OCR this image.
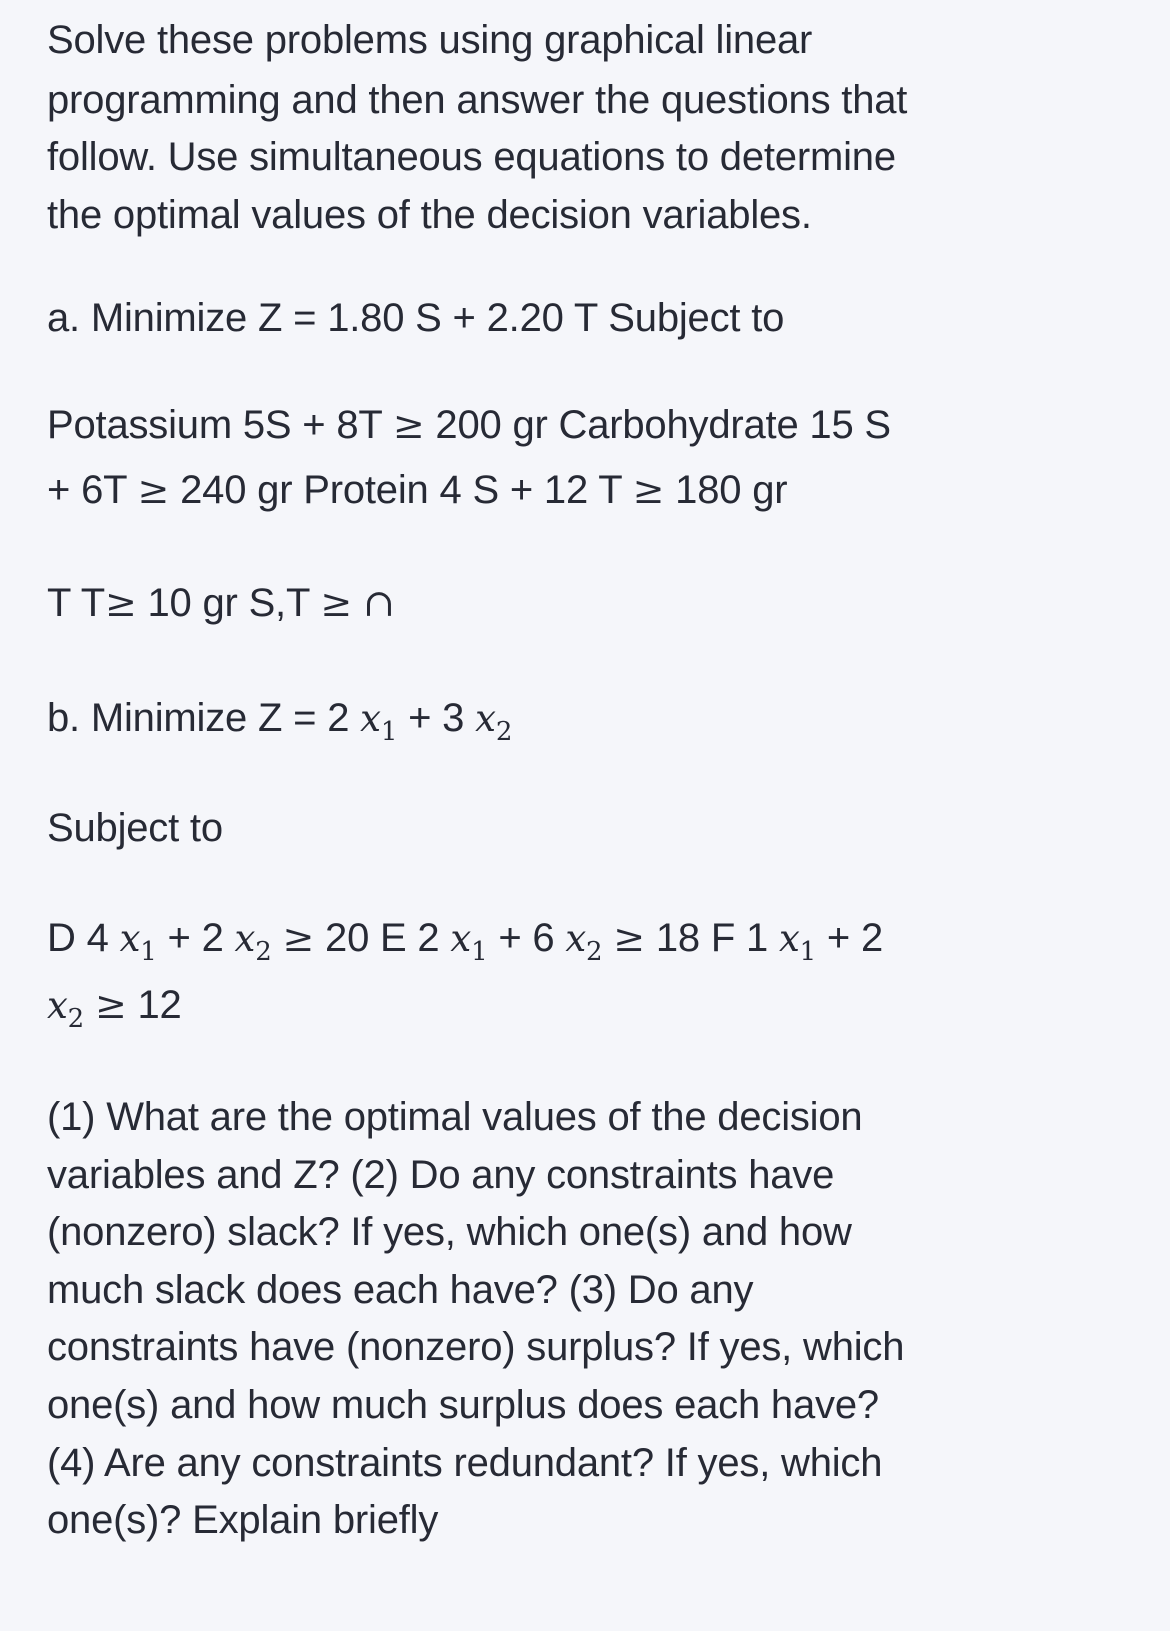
Solve these problems using graphical linear
programming and then answer the questions that
follow. Use simultaneous equations to determine
the optimal values of the decision variables.
a. Minimize Z = 1.80 S + 2.20 T Subject to
Potassium 5S + 8T ≥ 200 gr Carbohydrate 15 S
+ 6T ≥ 240 gr Protein 4 S + 12 T ≥ 180 gr
T T≥ 10 gr S,T ≥ ∩
b. Minimize Z = 2 $x_1 + 3$ $x_2$
Subject to
D 4 $x_1 + 2$ $x_2 \ge 20$ E 2 $x_1 + 6$ $x_2 \ge 18$ F 1 $x_1 + 2$
$x_2 \ge 12$
(1) What are the optimal values of the decision
variables and Z? (2) Do any constraints have
(nonzero) slack? If yes, which one(s) and how
much slack does each have? (3) Do any
constraints have (nonzero) surplus? If yes, which
one(s) and how much surplus does each have?
(4) Are any constraints redundant? If yes, which
one(s)? Explain briefly
